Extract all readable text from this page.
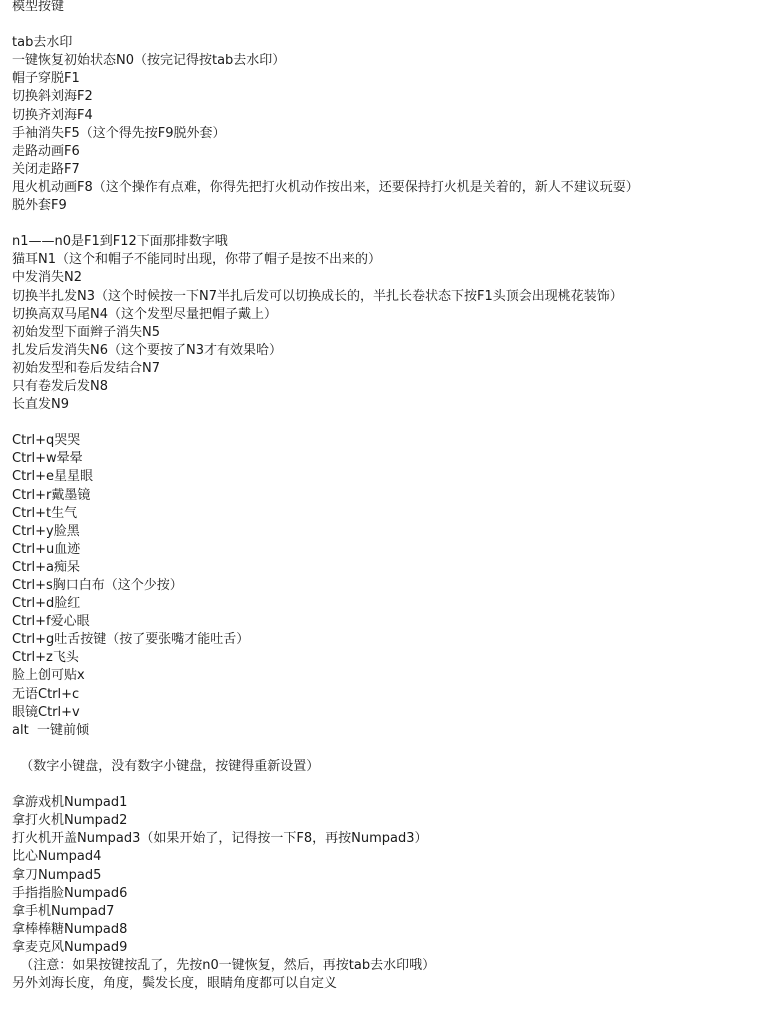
模型按键
tab去水印
一键恢复初始状态N0（按完记得按tab去水印）
帽子穿脱F1
切换斜刘海F2
切换齐刘海F4
手袖消失F5（这个得先按F9脱外套）
走路动画F6
关闭走路F7
甩火机动画F8（这个操作有点难，你得先把打火机动作按出来，还要保持打火机是关着的，新人不建议玩耍）
脱外套F9
n1——n0是F1到F12下面那排数字哦
猫耳N1（这个和帽子不能同时出现，你带了帽子是按不出来的）
中发消失N2
切换半扎发N3（这个时候按一下N7半扎后发可以切换成长的，半扎长卷状态下按F1头顶会出现桃花装饰）
切换高双马尾N4（这个发型尽量把帽子戴上）
初始发型下面辫子消失N5
扎发后发消失N6（这个要按了N3才有效果哈）
初始发型和卷后发结合N7
只有卷发后发N8
长直发N9
Ctrl+q哭哭
Ctrl+w晕晕
Ctrl+e星星眼
Ctrl+r戴墨镜
Ctrl+t生气
Ctrl+y脸黑
Ctrl+u血迹
Ctrl+a痴呆
Ctrl+s胸口白布（这个少按）
Ctrl+d脸红
Ctrl+f爱心眼
Ctrl+g吐舌按键（按了要张嘴才能吐舌）
Ctrl+z飞头
脸上创可贴x
无语Ctrl+c
眼镜Ctrl+v
alt  一键前倾
（数字小键盘，没有数字小键盘，按键得重新设置）
拿游戏机Numpad1
拿打火机Numpad2
打火机开盖Numpad3（如果开始了，记得按一下F8，再按Numpad3）
比心Numpad4
拿刀Numpad5
手指指脸Numpad6
拿手机Numpad7
拿棒棒糖Numpad8
拿麦克风Numpad9
（注意：如果按键按乱了，先按n0一键恢复，然后，再按tab去水印哦）
另外刘海长度，角度，鬓发长度，眼睛角度都可以自定义
